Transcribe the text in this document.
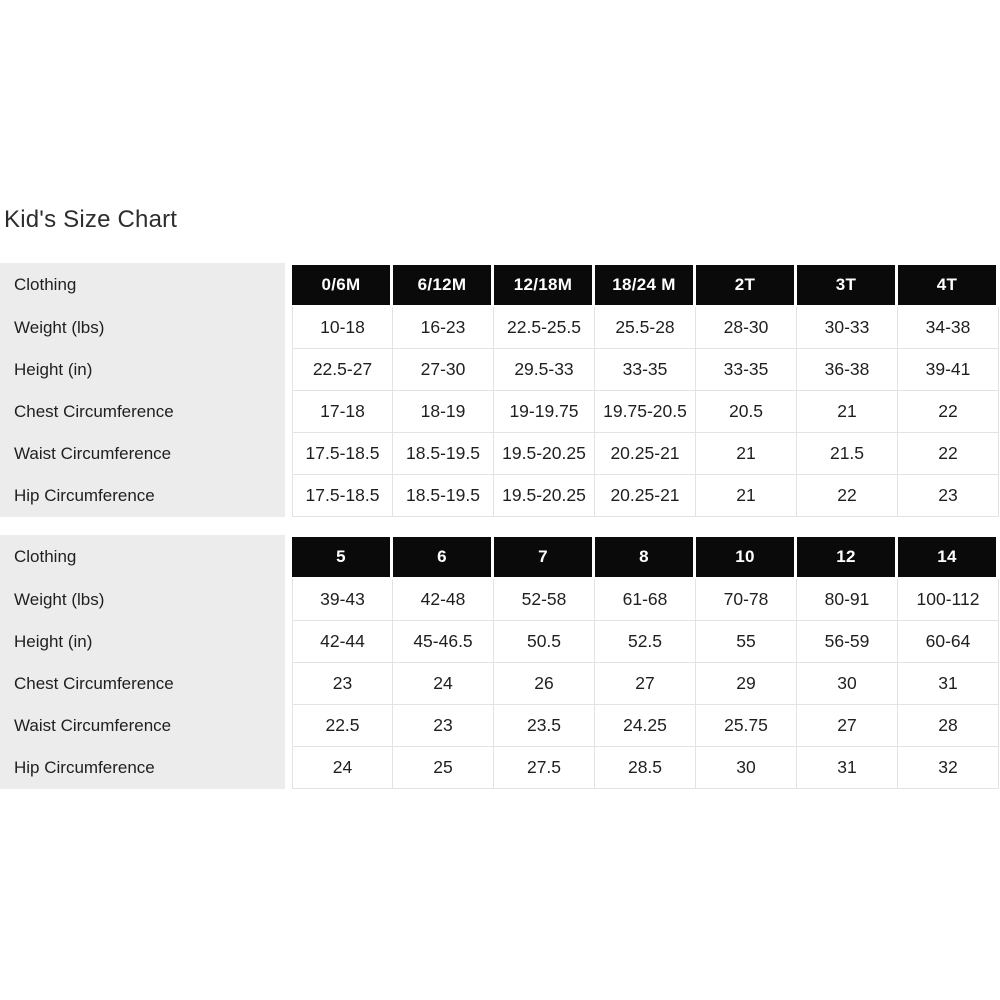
Kid's Size Chart
Clothing	0/6M	6/12M	12/18M	18/24 M	2T	3T	4T
Weight (lbs)	10-18	16-23	22.5-25.5	25.5-28	28-30	30-33	34-38
Height (in)	22.5-27	27-30	29.5-33	33-35	33-35	36-38	39-41
Chest Circumference	17-18	18-19	19-19.75	19.75-20.5	20.5	21	22
Waist Circumference	17.5-18.5	18.5-19.5	19.5-20.25	20.25-21	21	21.5	22
Hip Circumference	17.5-18.5	18.5-19.5	19.5-20.25	20.25-21	21	22	23
Clothing	5	6	7	8	10	12	14
Weight (lbs)	39-43	42-48	52-58	61-68	70-78	80-91	100-112
Height (in)	42-44	45-46.5	50.5	52.5	55	56-59	60-64
Chest Circumference	23	24	26	27	29	30	31
Waist Circumference	22.5	23	23.5	24.25	25.75	27	28
Hip Circumference	24	25	27.5	28.5	30	31	32
